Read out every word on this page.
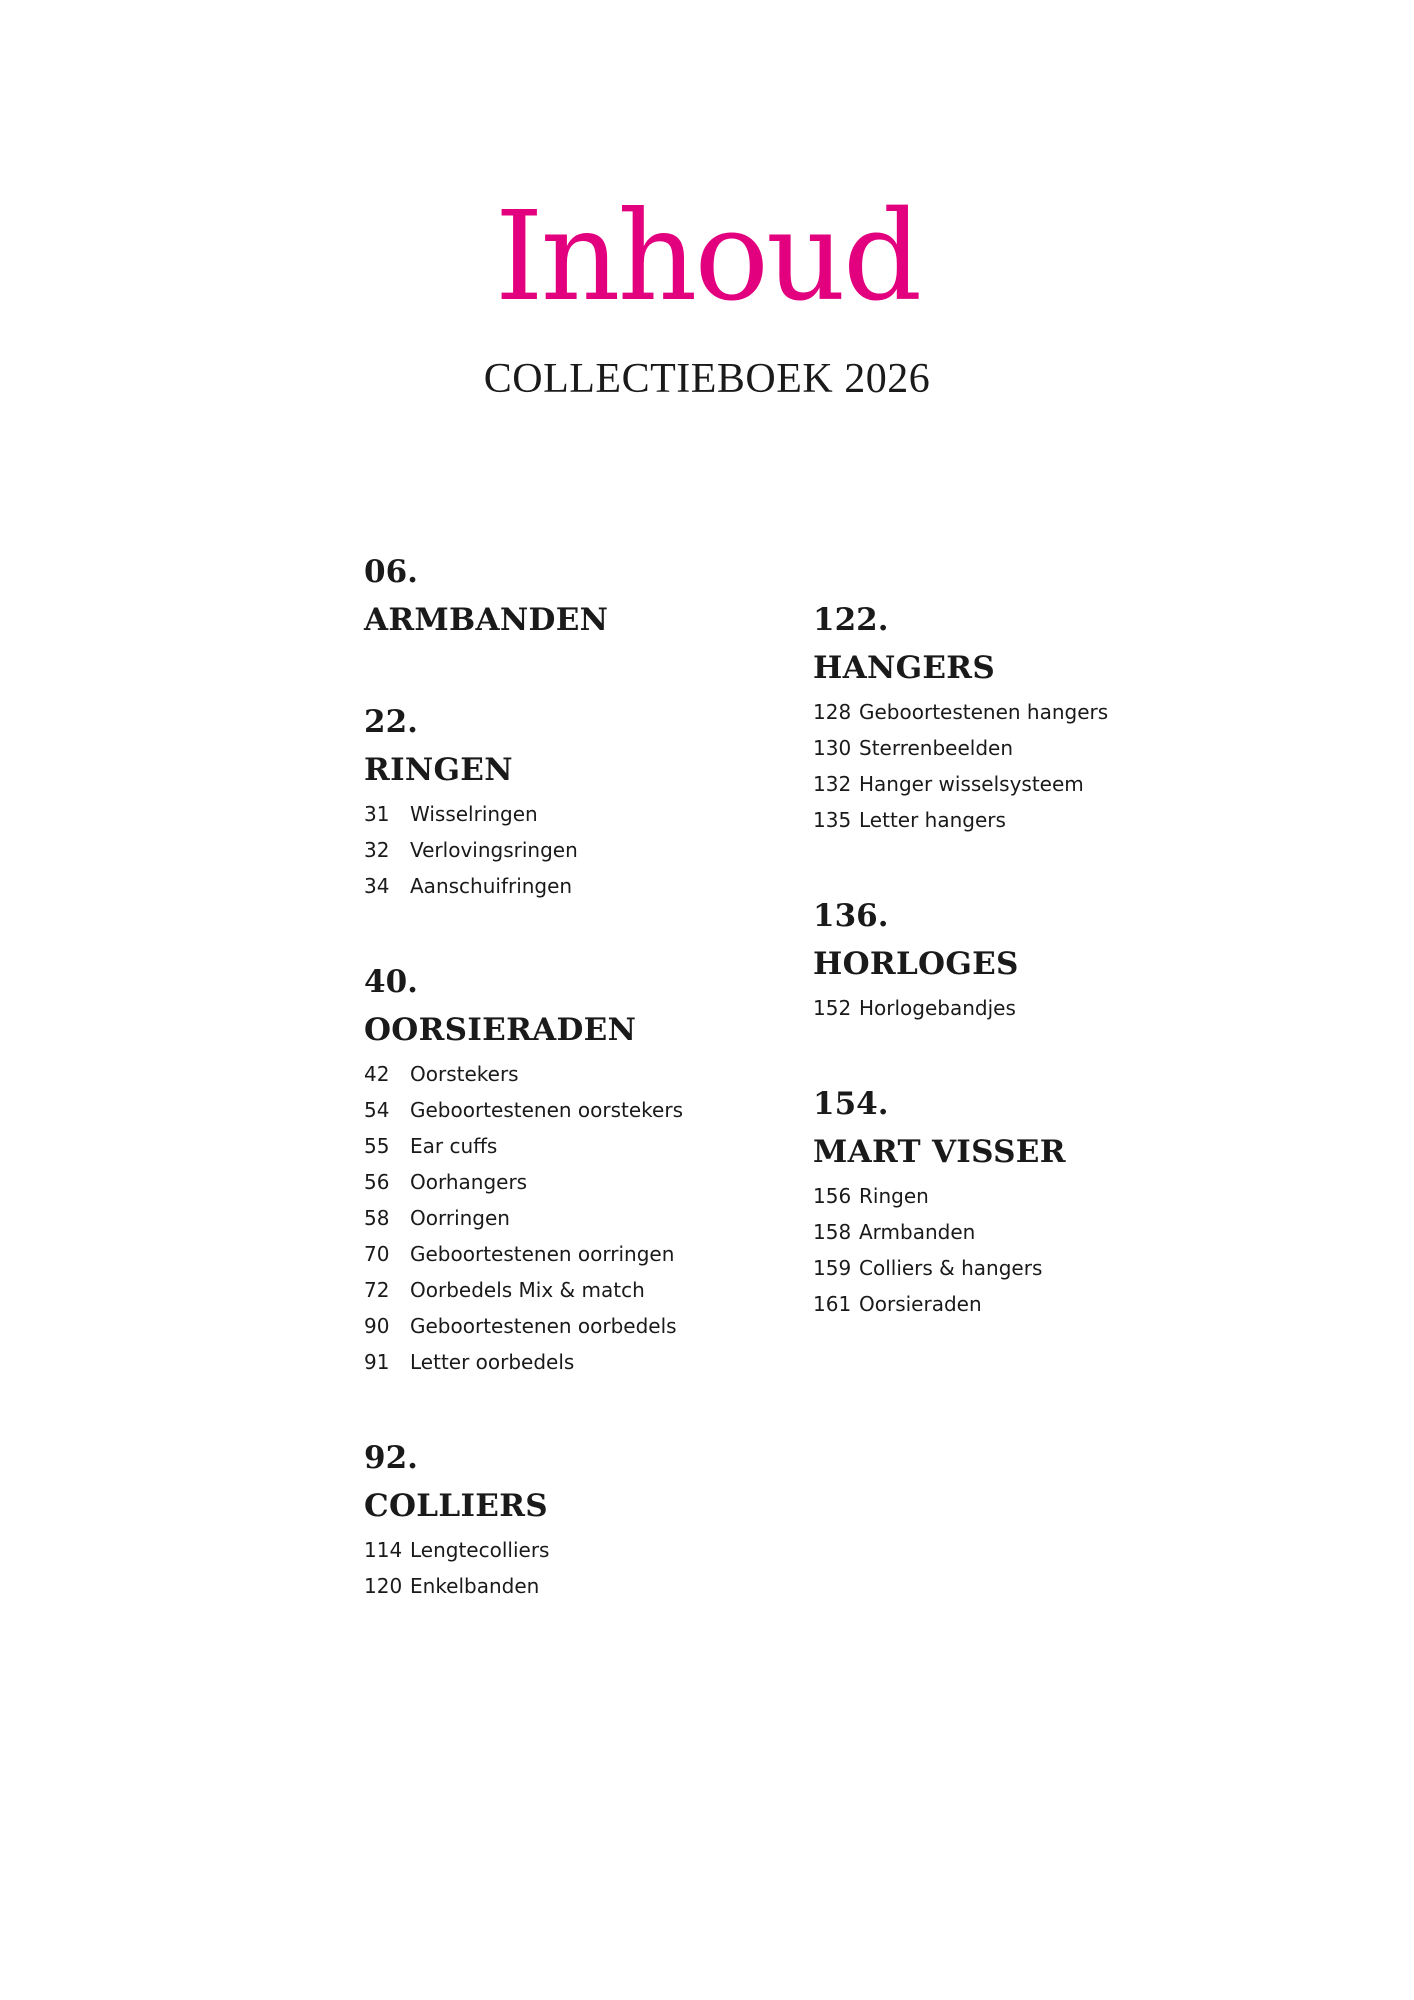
Inhoud
COLLECTIEBOEK 2026
06.
ARMBANDEN
22.
RINGEN
31	Wisselringen
32	Verlovingsringen
34	Aanschuifringen
40.
OORSIERADEN
42	Oorstekers
54	Geboortestenen oorstekers
55	Ear cuffs
56	Oorhangers
58	Oorringen
70	Geboortestenen oorringen
72	Oorbedels Mix & match
90	Geboortestenen oorbedels
91	Letter oorbedels
92.
COLLIERS
114 Lengtecolliers
120 Enkelbanden
122.
HANGERS
128 Geboortestenen hangers
130 Sterrenbeelden
132 Hanger wisselsysteem
135 Letter hangers
136.
HORLOGES
152 Horlogebandjes
154.
MART VISSER
156 Ringen
158 Armbanden
159 Colliers & hangers
161 Oorsieraden
